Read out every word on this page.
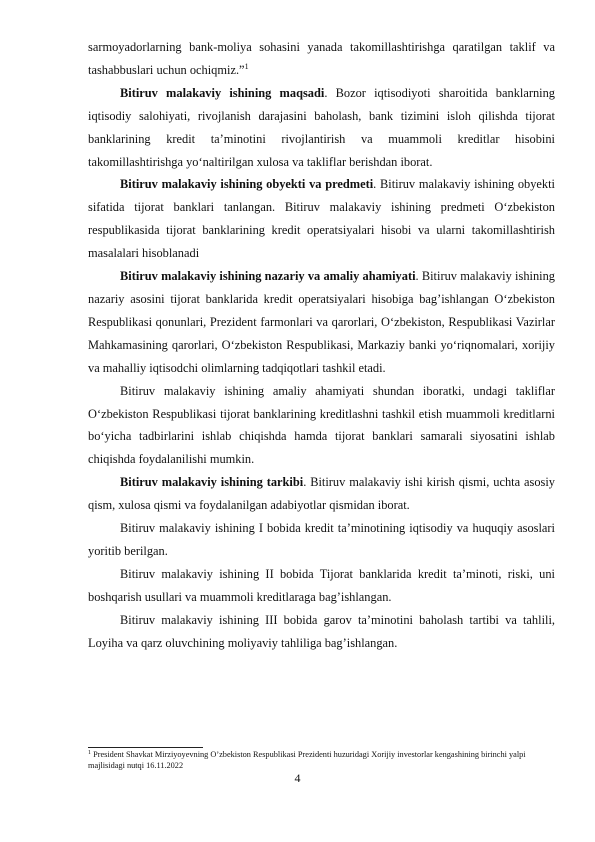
sarmoyadorlarning bank-moliya sohasini yanada takomillashtirishga qaratilgan taklif va tashabbuslari uchun ochiqmiz.”$^1$

Bitiruv malakaviy ishining maqsadi. Bozor iqtisodiyoti sharoitida banklarning iqtisodiy salohiyati, rivojlanish darajasini baholash, bank tizimini isloh qilishda tijorat banklarining kredit ta’minotini rivojlantirish va muammoli kreditlar hisobini takomillashtirishga yo‘naltirilgan xulosa va takliflar berishdan iborat.

Bitiruv malakaviy ishining obyekti va predmeti. Bitiruv malakaviy ishining obyekti sifatida tijorat banklari tanlangan. Bitiruv malakaviy ishining predmeti O‘zbekiston respublikasida tijorat banklarining kredit operatsiyalari hisobi va ularni takomillashtirish masalalari hisoblanadi

Bitiruv malakaviy ishining nazariy va amaliy ahamiyati. Bitiruv malakaviy ishining nazariy asosini tijorat banklarida kredit operatsiyalari hisobiga bag’ishlangan O‘zbekiston Respublikasi qonunlari, Prezident farmonlari va qarorlari, O‘zbekiston, Respublikasi Vazirlar Mahkamasining qarorlari, O‘zbekiston Respublikasi, Markaziy banki yo‘riqnomalari, xorijiy va mahalliy iqtisodchi olimlarning tadqiqotlari tashkil etadi.

Bitiruv malakaviy ishining amaliy ahamiyati shundan iboratki, undagi takliflar O‘zbekiston Respublikasi tijorat banklarining kreditlashni tashkil etish muammoli kreditlarni bo‘yicha tadbirlarini ishlab chiqishda hamda tijorat banklari samarali siyosatini ishlab chiqishda foydalanilishi mumkin.

Bitiruv malakaviy ishining tarkibi. Bitiruv malakaviy ishi kirish qismi, uchta asosiy qism, xulosa qismi va foydalanilgan adabiyotlar qismidan iborat.

Bitiruv malakaviy ishining I bobida kredit ta’minotining iqtisodiy va huquqiy asoslari yoritib berilgan.

Bitiruv malakaviy ishining II bobida Tijorat banklarida kredit ta’minoti, riski, uni boshqarish usullari va muammoli kreditlaraga bag’ishlangan.

Bitiruv malakaviy ishining III bobida garov ta’minotini baholash tartibi va tahlili, Loyiha va qarz oluvchining moliyaviy tahliliga bag’ishlangan.

$^1$ President Shavkat Mirziyoyevning O’zbekiston Respublikasi Prezidenti huzuridagi Xorijiy investorlar kengashining birinchi yalpi majlisidagi nutqi 16.11.2022
4
